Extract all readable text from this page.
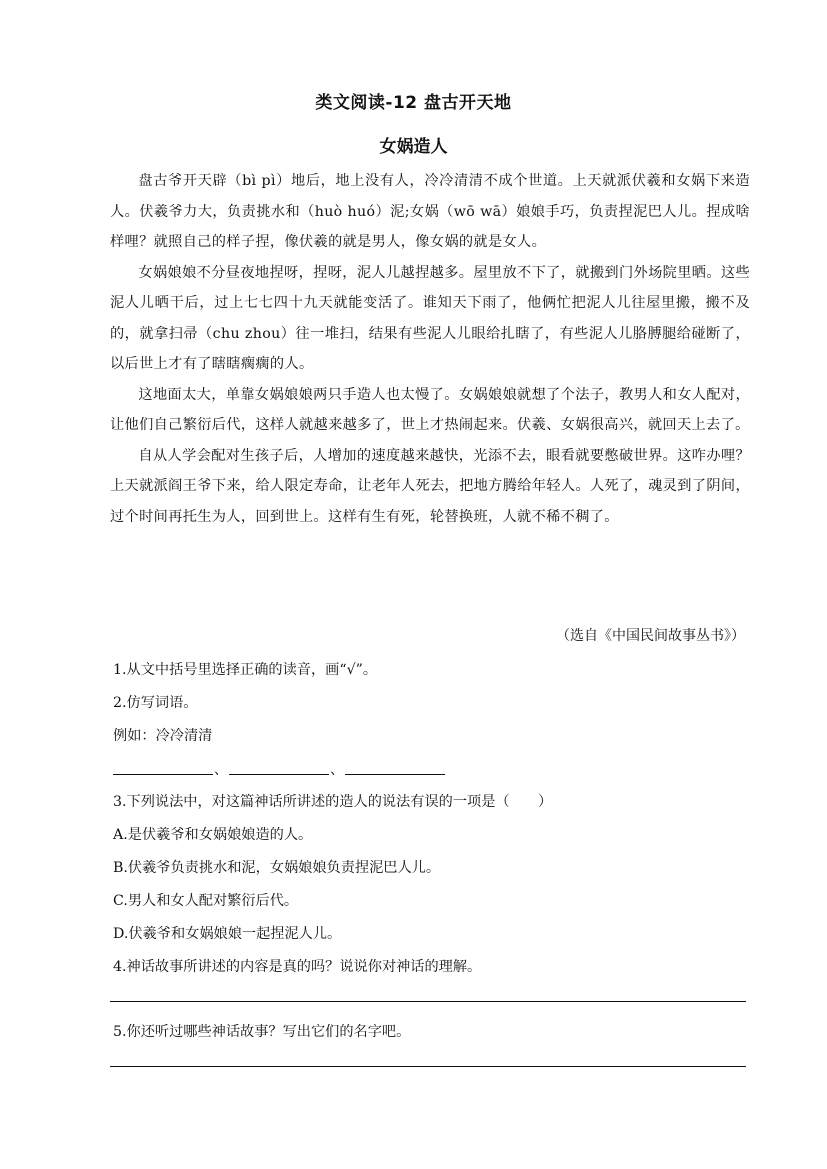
类文阅读-12 盘古开天地
女娲造人

盘古爷开天辟（bì pì）地后，地上没有人，冷冷清清不成个世道。上天就派伏羲和女娲下来造人。伏羲爷力大，负责挑水和（huò huó）泥;女娲（wō wā）娘娘手巧，负责捏泥巴人儿。捏成啥样哩？就照自己的样子捏，像伏羲的就是男人，像女娲的就是女人。

女娲娘娘不分昼夜地捏呀，捏呀，泥人儿越捏越多。屋里放不下了，就搬到门外场院里晒。这些泥人儿晒干后，过上七七四十九天就能变活了。谁知天下雨了，他俩忙把泥人儿往屋里搬，搬不及的，就拿扫帚（chu zhou）往一堆扫，结果有些泥人儿眼给扎瞎了，有些泥人儿胳膊腿给碰断了，以后世上才有了瞎瞎瘸瘸的人。

这地面太大，单靠女娲娘娘两只手造人也太慢了。女娲娘娘就想了个法子，教男人和女人配对，让他们自己繁衍后代，这样人就越来越多了，世上才热闹起来。伏羲、女娲很高兴，就回天上去了。

自从人学会配对生孩子后，人增加的速度越来越快，光添不去，眼看就要憋破世界。这咋办哩？上天就派阎王爷下来，给人限定寿命，让老年人死去，把地方腾给年轻人。人死了，魂灵到了阴间，过个时间再托生为人，回到世上。这样有生有死，轮替换班，人就不稀不稠了。

（选自《中国民间故事丛书》）
1.从文中括号里选择正确的读音，画“√”。
2.仿写词语。
例如：冷冷清清
、	、
3.下列说法中，对这篇神话所讲述的造人的说法有误的一项是（　　）
A.是伏羲爷和女娲娘娘造的人。
B.伏羲爷负责挑水和泥，女娲娘娘负责捏泥巴人儿。
C.男人和女人配对繁衍后代。
D.伏羲爷和女娲娘娘一起捏泥人儿。
4.神话故事所讲述的内容是真的吗？说说你对神话的理解。
5.你还听过哪些神话故事？写出它们的名字吧。
